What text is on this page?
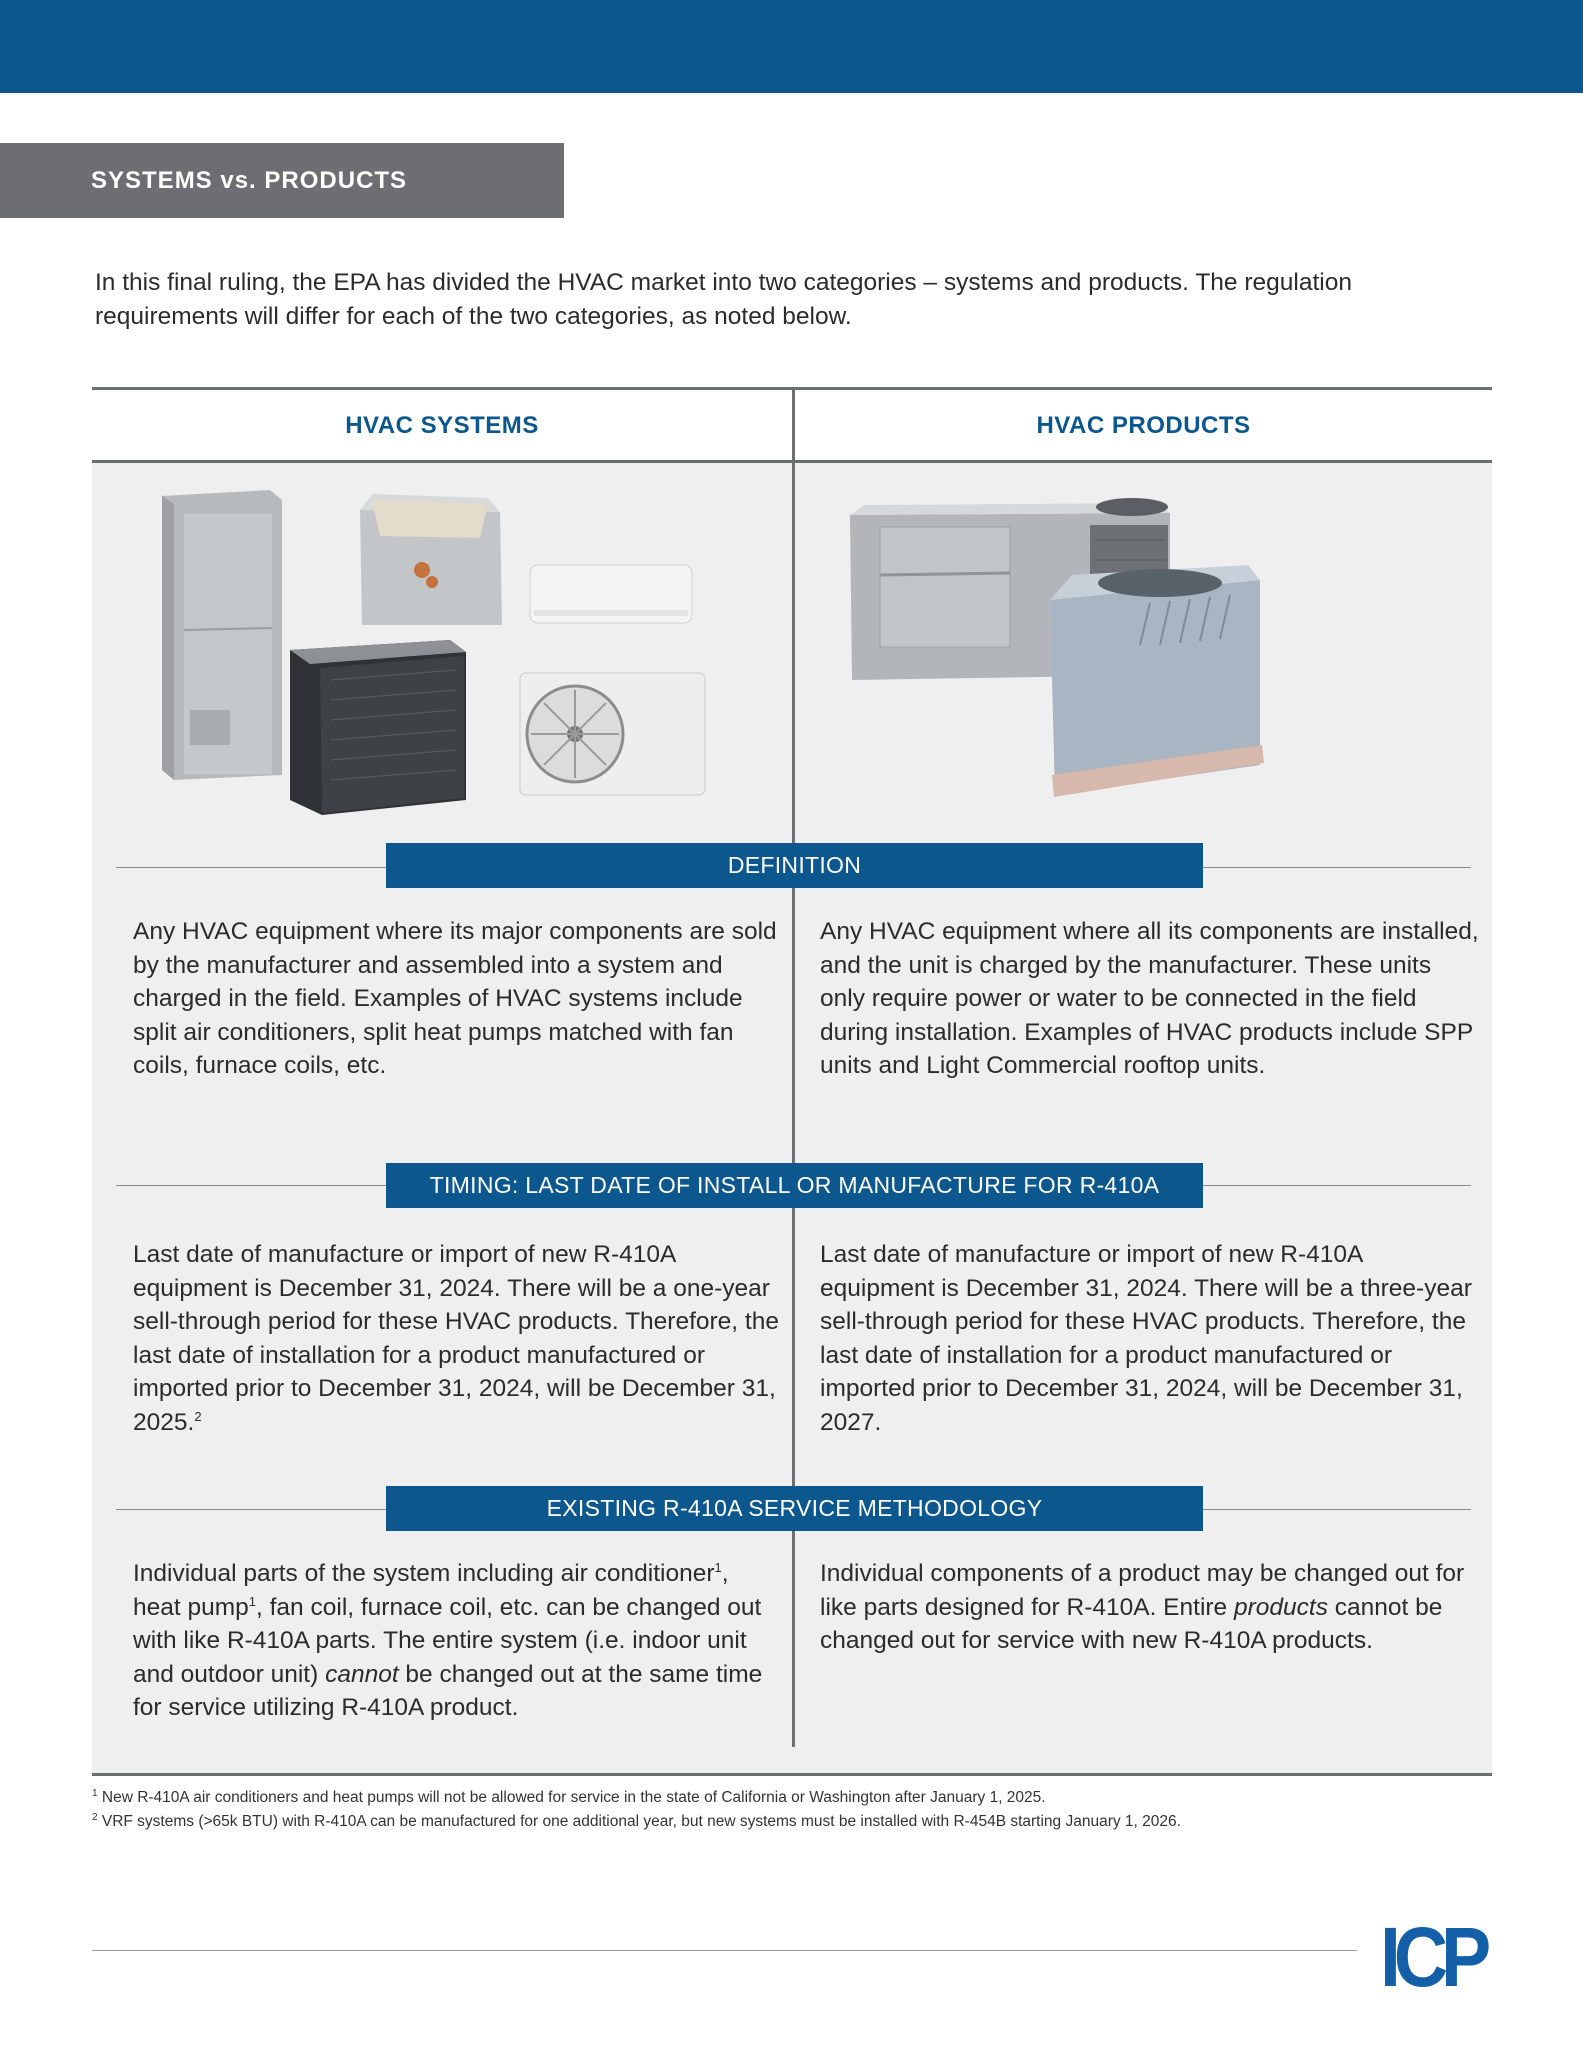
SYSTEMS vs. PRODUCTS
In this final ruling, the EPA has divided the HVAC market into two categories – systems and products. The regulation requirements will differ for each of the two categories, as noted below.
HVAC SYSTEMS	HVAC PRODUCTS
DEFINITION
Any HVAC equipment where its major components are sold by the manufacturer and assembled into a system and charged in the field. Examples of HVAC systems include split air conditioners, split heat pumps matched with fan coils, furnace coils, etc.
Any HVAC equipment where all its components are installed, and the unit is charged by the manufacturer. These units only require power or water to be connected in the field during installation. Examples of HVAC products include SPP units and Light Commercial rooftop units.
TIMING: LAST DATE OF INSTALL OR MANUFACTURE FOR R-410A
Last date of manufacture or import of new R-410A equipment is December 31, 2024. There will be a one-year sell-through period for these HVAC products. Therefore, the last date of installation for a product manufactured or imported prior to December 31, 2024, will be December 31, 2025.$^2$
Last date of manufacture or import of new R-410A equipment is December 31, 2024. There will be a three-year sell-through period for these HVAC products. Therefore, the last date of installation for a product manufactured or imported prior to December 31, 2024, will be December 31, 2027.
EXISTING R-410A SERVICE METHODOLOGY
Individual parts of the system including air conditioner$^1$, heat pump$^1$, fan coil, furnace coil, etc. can be changed out with like R-410A parts. The entire system (i.e. indoor unit and outdoor unit) cannot be changed out at the same time for service utilizing R-410A product.
Individual components of a product may be changed out for like parts designed for R-410A. Entire products cannot be changed out for service with new R-410A products.
$^1$ New R-410A air conditioners and heat pumps will not be allowed for service in the state of California or Washington after January 1, 2025.
$^2$ VRF systems (>65k BTU) with R-410A can be manufactured for one additional year, but new systems must be installed with R-454B starting January 1, 2026.
ICP
